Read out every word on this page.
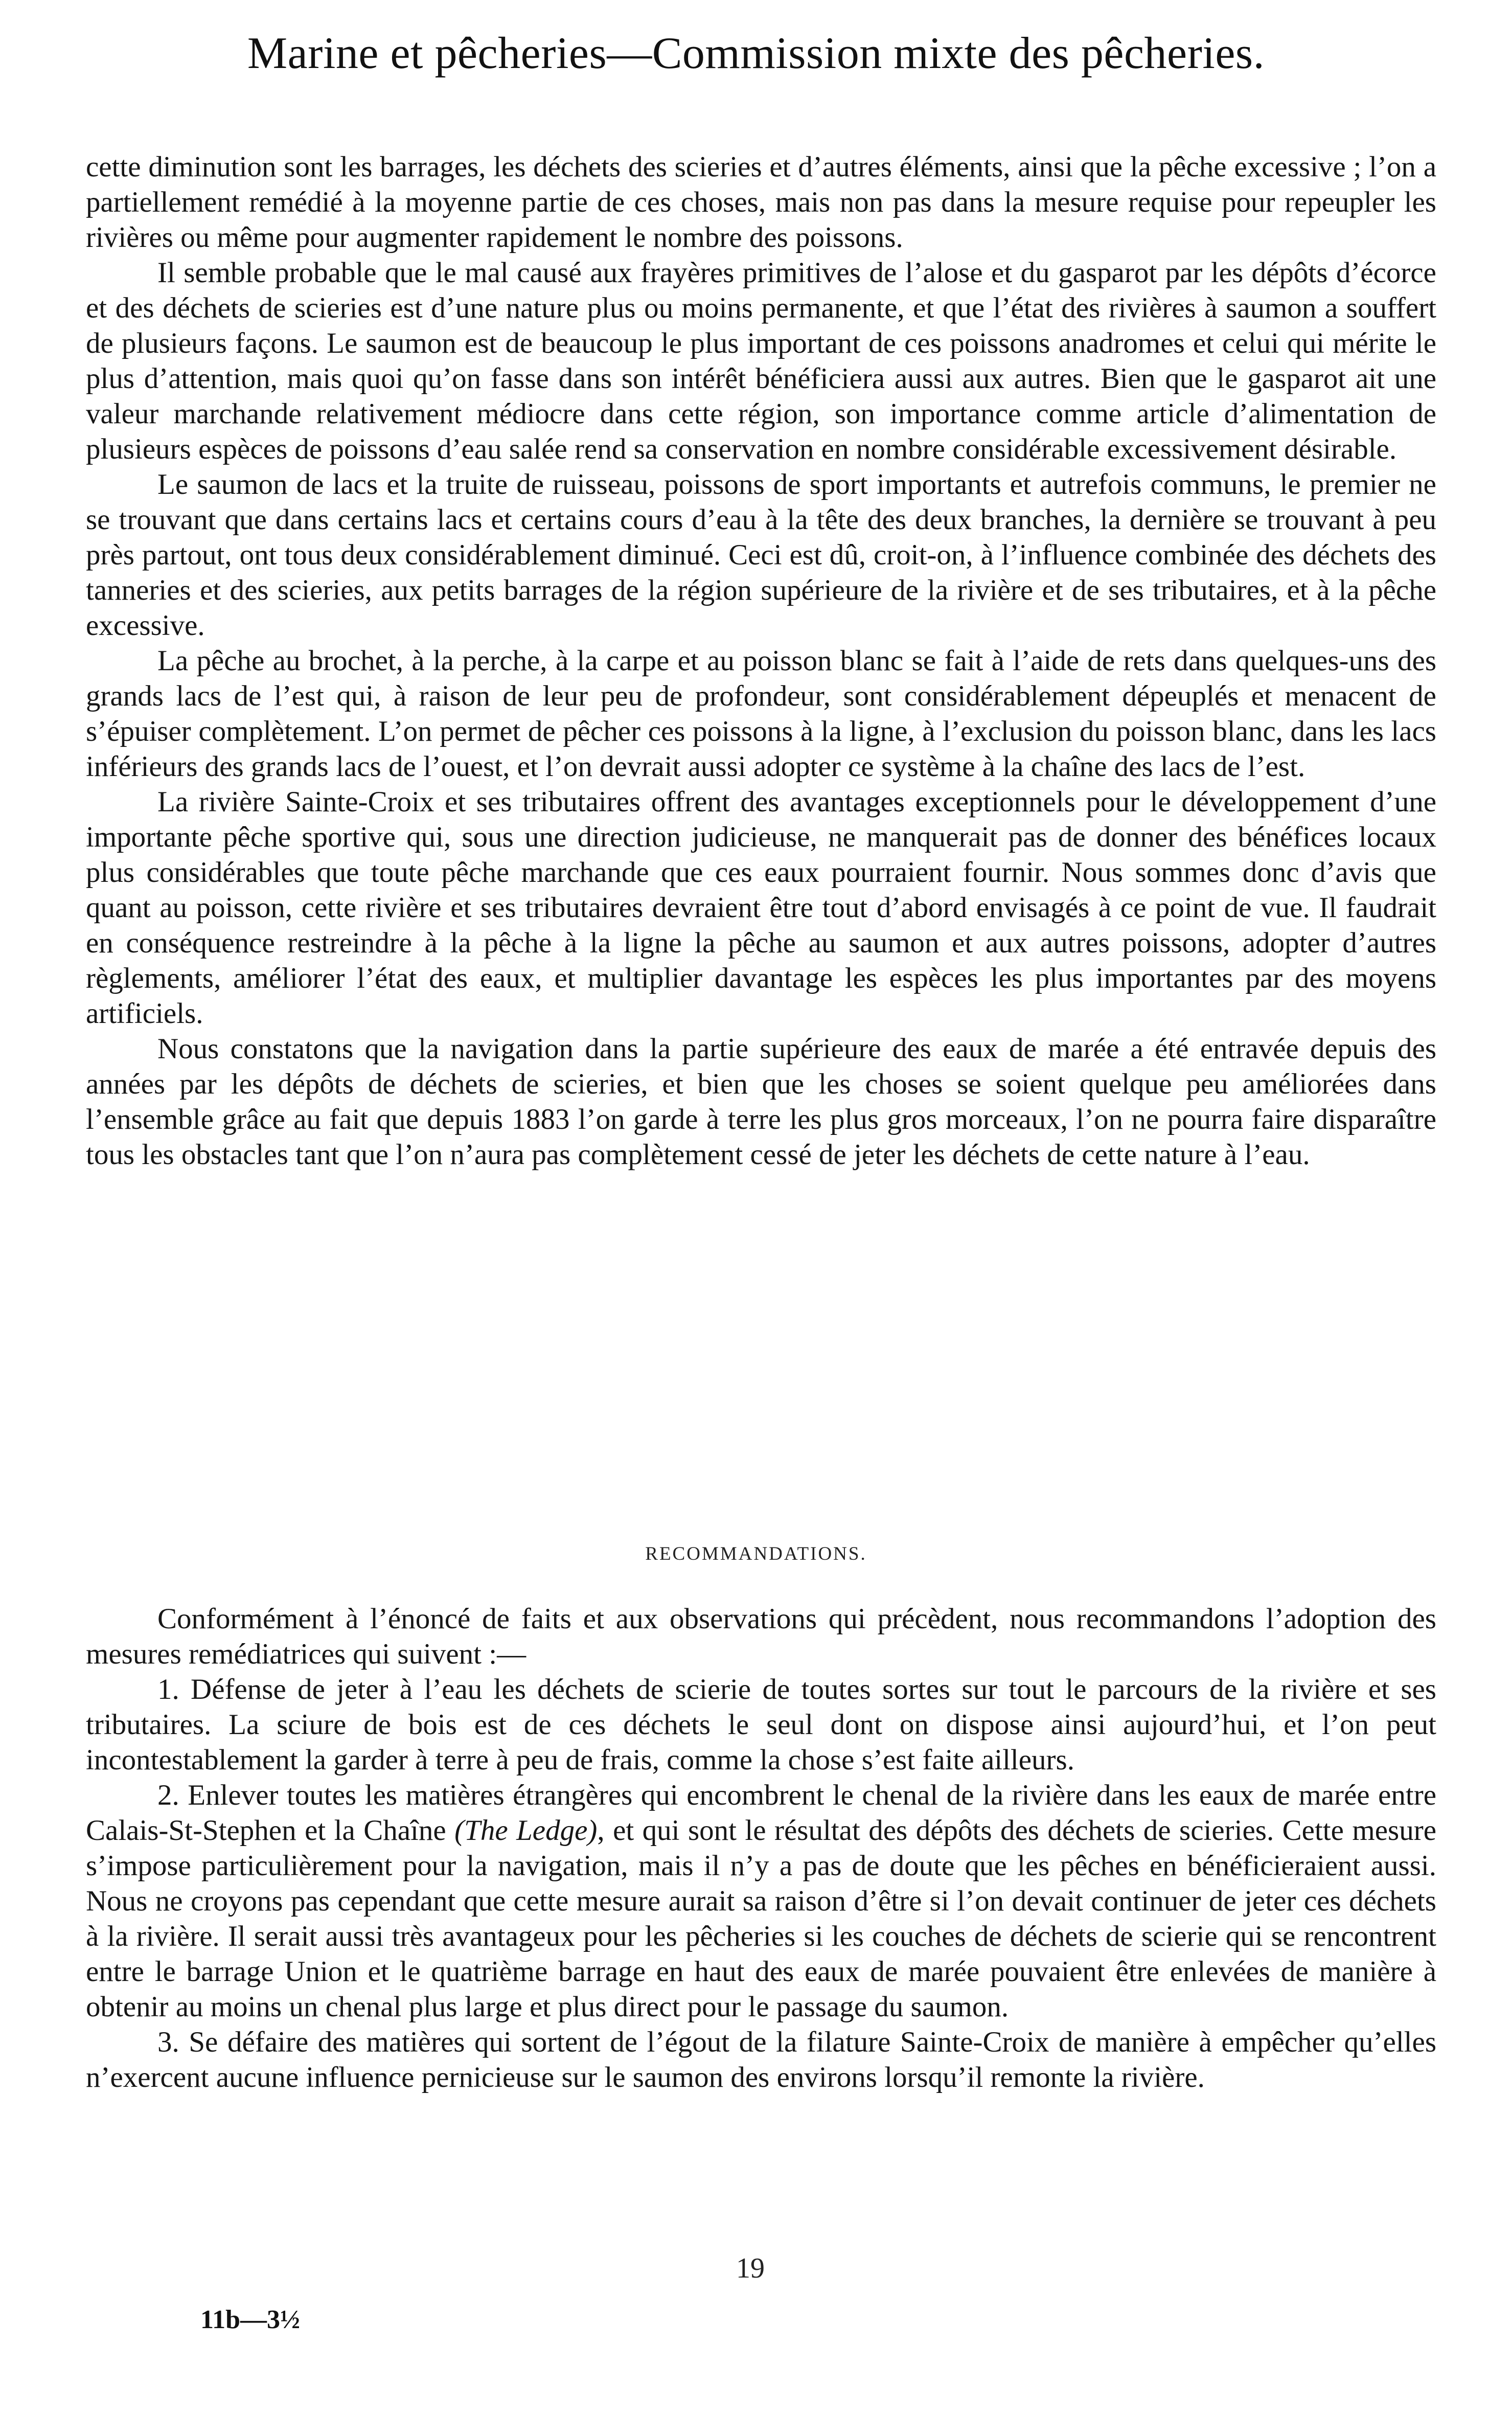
Marine et pêcheries—Commission mixte des pêcheries.

cette diminution sont les barrages, les déchets des scieries et d’autres éléments, ainsi que la pêche excessive ; l’on a partiellement remédié à la moyenne partie de ces choses, mais non pas dans la mesure requise pour repeupler les rivières ou même pour augmenter rapidement le nombre des poissons.

Il semble probable que le mal causé aux frayères primitives de l’alose et du gasparot par les dépôts d’écorce et des déchets de scieries est d’une nature plus ou moins permanente, et que l’état des rivières à saumon a souffert de plusieurs façons. Le saumon est de beaucoup le plus important de ces poissons anadromes et celui qui mérite le plus d’attention, mais quoi qu’on fasse dans son intérêt bénéficiera aussi aux autres. Bien que le gasparot ait une valeur marchande relativement médiocre dans cette région, son importance comme article d’alimentation de plusieurs espèces de poissons d’eau salée rend sa conservation en nombre considérable excessivement désirable.

Le saumon de lacs et la truite de ruisseau, poissons de sport importants et autrefois communs, le premier ne se trouvant que dans certains lacs et certains cours d’eau à la tête des deux branches, la dernière se trouvant à peu près partout, ont tous deux considérablement diminué. Ceci est dû, croit-on, à l’influence combinée des déchets des tanneries et des scieries, aux petits barrages de la région supérieure de la rivière et de ses tributaires, et à la pêche excessive.

La pêche au brochet, à la perche, à la carpe et au poisson blanc se fait à l’aide de rets dans quelques-uns des grands lacs de l’est qui, à raison de leur peu de profondeur, sont considérablement dépeuplés et menacent de s’épuiser complètement. L’on permet de pêcher ces poissons à la ligne, à l’exclusion du poisson blanc, dans les lacs inférieurs des grands lacs de l’ouest, et l’on devrait aussi adopter ce système à la chaîne des lacs de l’est.

La rivière Sainte-Croix et ses tributaires offrent des avantages exceptionnels pour le développement d’une importante pêche sportive qui, sous une direction judicieuse, ne manquerait pas de donner des bénéfices locaux plus considérables que toute pêche marchande que ces eaux pourraient fournir. Nous sommes donc d’avis que quant au poisson, cette rivière et ses tributaires devraient être tout d’abord envisagés à ce point de vue. Il faudrait en conséquence restreindre à la pêche à la ligne la pêche au saumon et aux autres poissons, adopter d’autres règlements, améliorer l’état des eaux, et multiplier davantage les espèces les plus importantes par des moyens artificiels.

Nous constatons que la navigation dans la partie supérieure des eaux de marée a été entravée depuis des années par les dépôts de déchets de scieries, et bien que les choses se soient quelque peu améliorées dans l’ensemble grâce au fait que depuis 1883 l’on garde à terre les plus gros morceaux, l’on ne pourra faire disparaître tous les obstacles tant que l’on n’aura pas complètement cessé de jeter les déchets de cette nature à l’eau.

RECOMMANDATIONS.

Conformément à l’énoncé de faits et aux observations qui précèdent, nous recommandons l’adoption des mesures remédiatrices qui suivent :—

1. Défense de jeter à l’eau les déchets de scierie de toutes sortes sur tout le parcours de la rivière et ses tributaires. La sciure de bois est de ces déchets le seul dont on dispose ainsi aujourd’hui, et l’on peut incontestablement la garder à terre à peu de frais, comme la chose s’est faite ailleurs.

2. Enlever toutes les matières étrangères qui encombrent le chenal de la rivière dans les eaux de marée entre Calais-St-Stephen et la Chaîne (The Ledge), et qui sont le résultat des dépôts des déchets de scieries. Cette mesure s’impose particulièrement pour la navigation, mais il n’y a pas de doute que les pêches en bénéficieraient aussi. Nous ne croyons pas cependant que cette mesure aurait sa raison d’être si l’on devait continuer de jeter ces déchets à la rivière. Il serait aussi très avantageux pour les pêcheries si les couches de déchets de scierie qui se rencontrent entre le barrage Union et le quatrième barrage en haut des eaux de marée pouvaient être enlevées de manière à obtenir au moins un chenal plus large et plus direct pour le passage du saumon.

3. Se défaire des matières qui sortent de l’égout de la filature Sainte-Croix de manière à empêcher qu’elles n’exercent aucune influence pernicieuse sur le saumon des environs lorsqu’il remonte la rivière.

19
11b—3½
